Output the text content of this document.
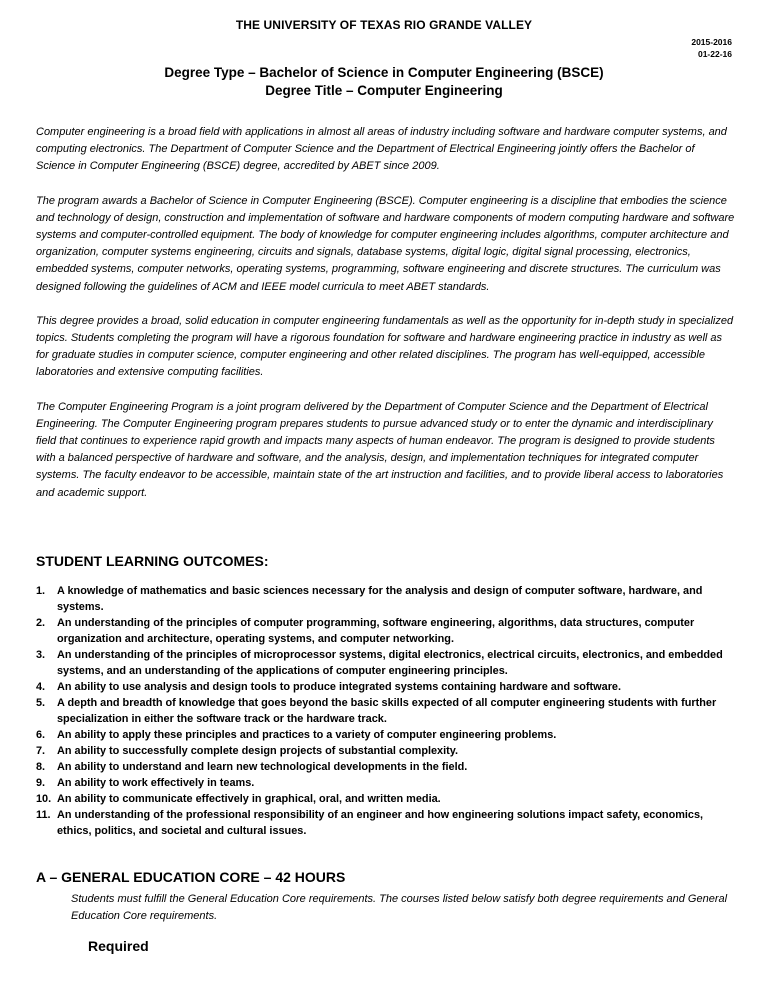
THE UNIVERSITY OF TEXAS RIO GRANDE VALLEY
2015-2016
01-22-16
Degree Type – Bachelor of Science in Computer Engineering (BSCE)
Degree Title – Computer Engineering

Computer engineering is a broad field with applications in almost all areas of industry including software and hardware computer systems, and computing electronics. The Department of Computer Science and the Department of Electrical Engineering jointly offers the Bachelor of Science in Computer Engineering (BSCE) degree, accredited by ABET since 2009.

The program awards a Bachelor of Science in Computer Engineering (BSCE). Computer engineering is a discipline that embodies the science and technology of design, construction and implementation of software and hardware components of modern computing hardware and software systems and computer-controlled equipment. The body of knowledge for computer engineering includes algorithms, computer architecture and organization, computer systems engineering, circuits and signals, database systems, digital logic, digital signal processing, electronics, embedded systems, computer networks, operating systems, programming, software engineering and discrete structures. The curriculum was designed following the guidelines of ACM and IEEE model curricula to meet ABET standards.

This degree provides a broad, solid education in computer engineering fundamentals as well as the opportunity for in-depth study in specialized topics. Students completing the program will have a rigorous foundation for software and hardware engineering practice in industry as well as for graduate studies in computer science, computer engineering and other related disciplines. The program has well-equipped, accessible laboratories and extensive computing facilities.

The Computer Engineering Program is a joint program delivered by the Department of Computer Science and the Department of Electrical Engineering. The Computer Engineering program prepares students to pursue advanced study or to enter the dynamic and interdisciplinary field that continues to experience rapid growth and impacts many aspects of human endeavor. The program is designed to provide students with a balanced perspective of hardware and software, and the analysis, design, and implementation techniques for integrated computer systems. The faculty endeavor to be accessible, maintain state of the art instruction and facilities, and to provide liberal access to laboratories and academic support.

STUDENT LEARNING OUTCOMES:
1. A knowledge of mathematics and basic sciences necessary for the analysis and design of computer software, hardware, and systems.
2. An understanding of the principles of computer programming, software engineering, algorithms, data structures, computer organization and architecture, operating systems, and computer networking.
3. An understanding of the principles of microprocessor systems, digital electronics, electrical circuits, electronics, and embedded systems, and an understanding of the applications of computer engineering principles.
4. An ability to use analysis and design tools to produce integrated systems containing hardware and software.
5. A depth and breadth of knowledge that goes beyond the basic skills expected of all computer engineering students with further specialization in either the software track or the hardware track.
6. An ability to apply these principles and practices to a variety of computer engineering problems.
7. An ability to successfully complete design projects of substantial complexity.
8. An ability to understand and learn new technological developments in the field.
9. An ability to work effectively in teams.
10. An ability to communicate effectively in graphical, oral, and written media.
11. An understanding of the professional responsibility of an engineer and how engineering solutions impact safety, economics, ethics, politics, and societal and cultural issues.
A – GENERAL EDUCATION CORE – 42 HOURS
Students must fulfill the General Education Core requirements. The courses listed below satisfy both degree requirements and General Education Core requirements.
Required
